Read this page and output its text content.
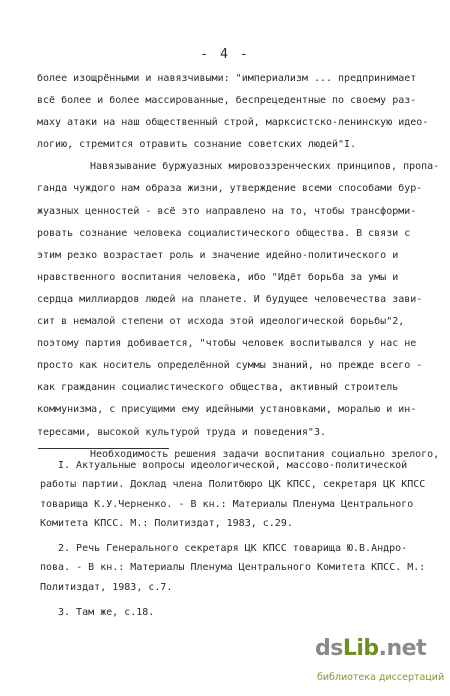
- 4 -
более изощрёнными и навязчивыми: "империализм ... предпринимает
всё более и более массированные, беспрецедентные по своему раз-
маху атаки на наш общественный строй, марксистско-ленинскую идео-
логию, стремится отравить сознание советских людей"I.
Навязывание буржуазных мировоззренческих принципов, пропа-
ганда чуждого нам образа жизни, утверждение всеми способами бур-
жуазных ценностей - всё это направлено на то, чтобы трансформи-
ровать сознание человека социалистического общества. В связи с
этим резко возрастает роль и значение идейно-политического и
нравственного воспитания человека, ибо "Идёт борьба за умы и
сердца миллиардов людей на планете. И будущее человечества зави-
сит в немалой степени от исхода этой идеологической борьбы"2,
поэтому партия добивается, "чтобы человек воспитывался у нас не
просто как носитель определённой суммы знаний, но прежде всего -
как гражданин социалистического общества, активный строитель
коммунизма, с присущими ему идейными установками, моралью и ин-
тересами, высокой культурой труда и поведения"3.
Необходимость решения задачи воспитания социально зрелого,
I. Актуальные вопросы идеологической, массово-политической
работы партии. Доклад члена Политбюро ЦК КПСС, секретаря ЦК КПСС
товарища К.У.Черненко. - В кн.: Материалы Пленума Центрального
Комитета КПСС. М.: Политиздат, 1983, с.29.
2. Речь Генерального секретаря ЦК КПСС товарища Ю.В.Андро-
пова. - В кн.: Материалы Пленума Центрального Комитета КПСС. М.:
Политиздат, 1983, с.7.
3. Там же, с.18.
dsLib.net
библиотека диссертаций
